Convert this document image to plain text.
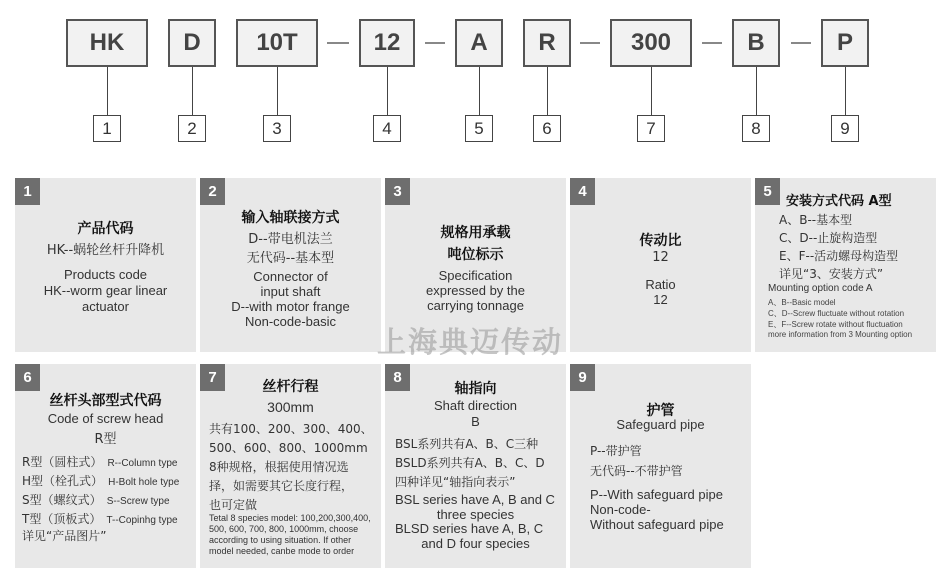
HK	D	10T	12	A	R	300	B	P
1	2	3	4	5	6	7	8	9
1
产品代码
HK--蜗轮丝杆升降机
Products code
HK--worm gear linear
actuator
2
输入轴联接方式
D--带电机法兰
无代码--基本型
Connector of
input shaft
D--with motor frange
Non-code-basic
3
规格用承载
吨位标示
Specification
expressed by the
carrying tonnage
4
传动比
12
Ratio
12
5
安装方式代码 A型
A、B--基本型
C、D--止旋构造型
E、F--活动螺母构造型
详见“3、安装方式”
Mounting option code A
A、B--Basic model
C、D--Screw fluctuate without rotation
E、F--Screw rotate without fluctuation
more information from 3 Mounting option
6
丝杆头部型式代码
Code of screw head
R型
R型（圆柱式） R--Column type
H型（栓孔式） H-Bolt hole type
S型（螺纹式） S--Screw type
T型（顶板式） T--Copinhg type
详见“产品图片”
7
丝杆行程
300mm
共有100、200、300、400、
500、600、800、1000mm
8种规格，根据使用情况选
择，如需要其它长度行程，
也可定做
Tetal 8 species model: 100,200,300,400,
500, 600, 700, 800, 1000mm, choose
according to using situation. If other
model needed, canbe mode to order
8
轴指向
Shaft direction
B
BSL系列共有A、B、C三种
BSLD系列共有A、B、C、D
四种详见“轴指向表示”
BSL series have A, B and C
three species
BLSD series have A, B, C
and D four species
9
护管
Safeguard pipe
P--带护管
无代码--不带护管
P--With safeguard pipe
Non-code-
Without safeguard pipe
上海典迈传动
